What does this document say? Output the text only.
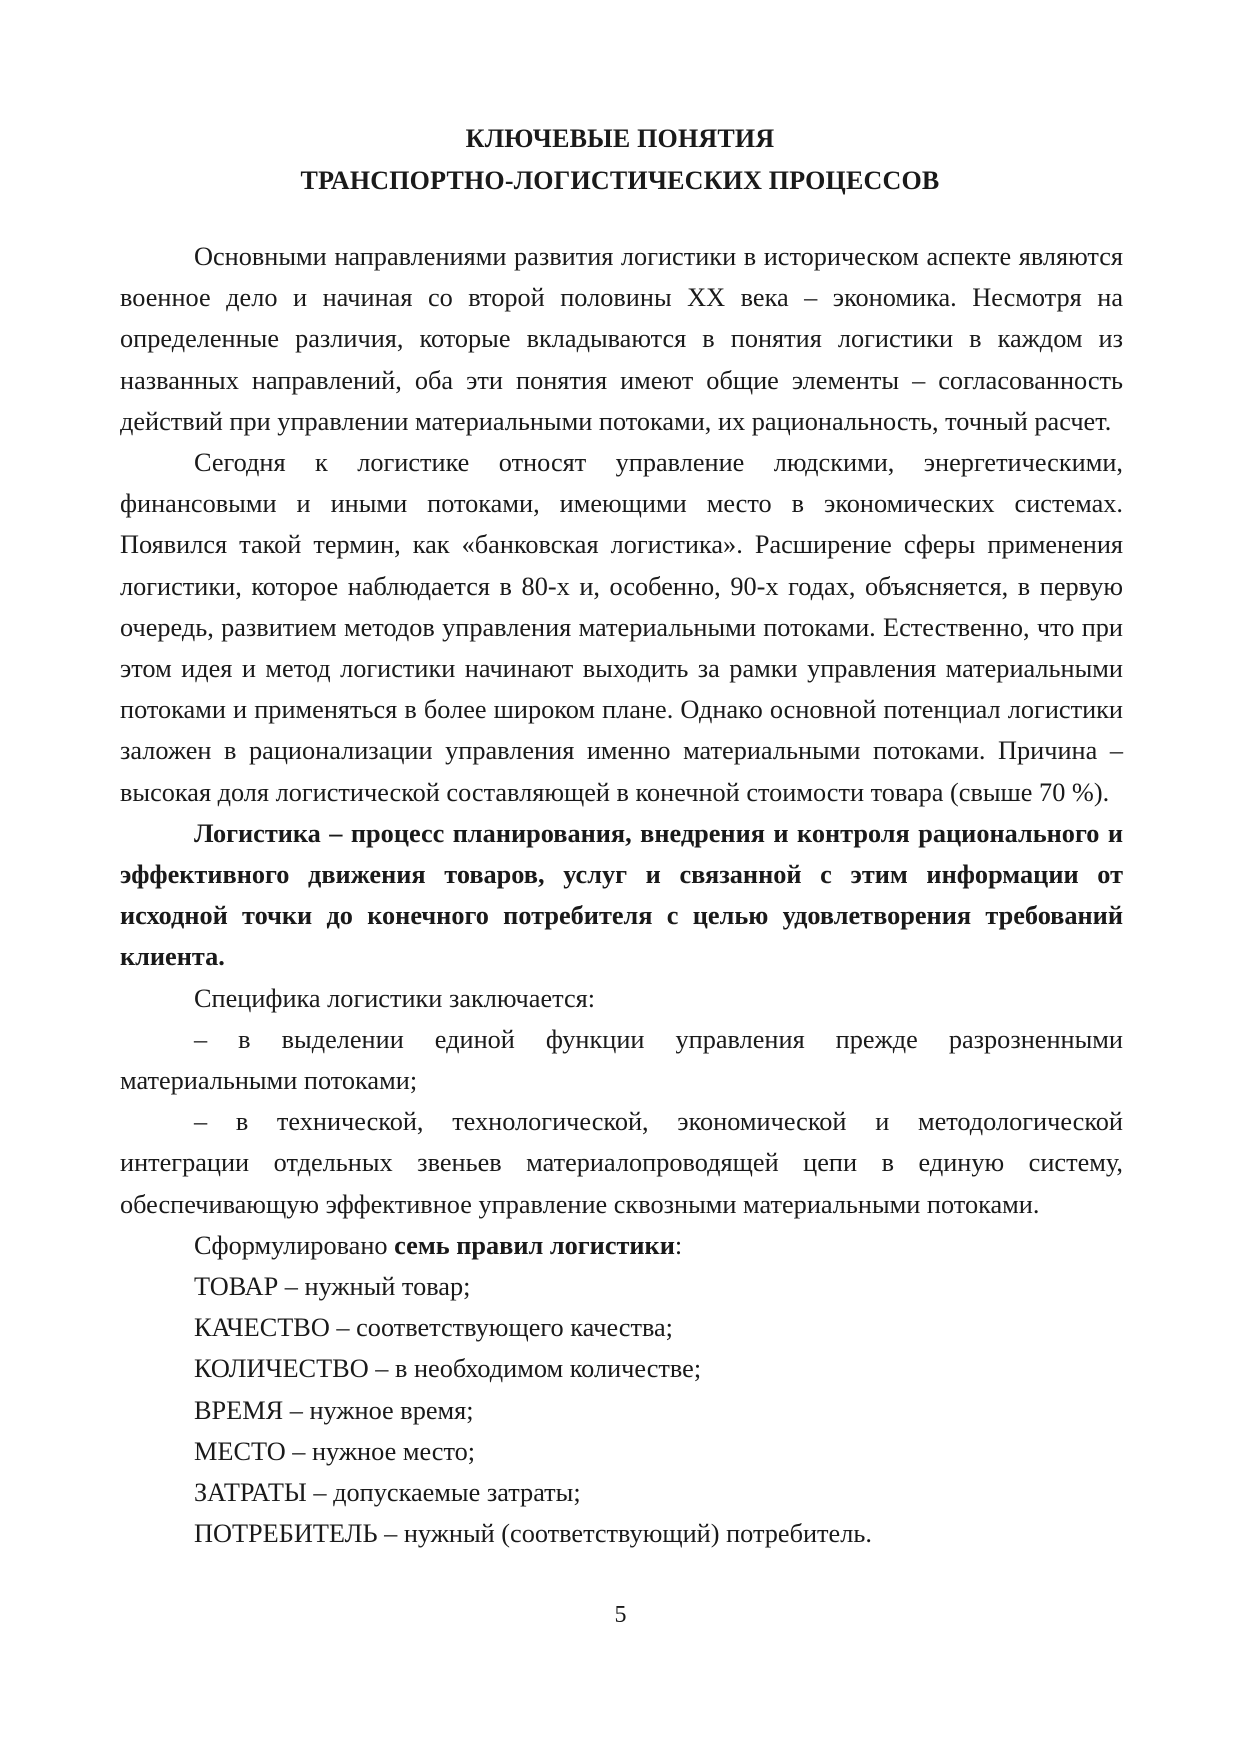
КЛЮЧЕВЫЕ ПОНЯТИЯ
ТРАНСПОРТНО-ЛОГИСТИЧЕСКИХ ПРОЦЕССОВ

Основными направлениями развития логистики в историческом аспекте являются военное дело и начиная со второй половины XX века – экономика. Несмотря на определенные различия, которые вкладываются в понятия логистики в каждом из названных направлений, оба эти понятия имеют общие элементы – согласованность действий при управлении материальными потоками, их рациональность, точный расчет.

Сегодня к логистике относят управление людскими, энергетическими, финансовыми и иными потоками, имеющими место в экономических системах. Появился такой термин, как «банковская логистика». Расширение сферы применения логистики, которое наблюдается в 80-х и, особенно, 90-х годах, объясняется, в первую очередь, развитием методов управления материальными потоками. Естественно, что при этом идея и метод логистики начинают выходить за рамки управления материальными потоками и применяться в более широком плане. Однако основной потенциал логистики заложен в рационализации управления именно материальными потоками. Причина – высокая доля логистической составляющей в конечной стоимости товара (свыше 70 %).

Логистика – процесс планирования, внедрения и контроля рационального и эффективного движения товаров, услуг и связанной с этим информации от исходной точки до конечного потребителя с целью удовлетворения требований клиента.

Специфика логистики заключается:

– в выделении единой функции управления прежде разрозненными материальными потоками;

– в технической, технологической, экономической и методологической интеграции отдельных звеньев материалопроводящей цепи в единую систему, обеспечивающую эффективное управление сквозными материальными потоками.

Сформулировано семь правил логистики:

ТОВАР – нужный товар;

КАЧЕСТВО – соответствующего качества;

КОЛИЧЕСТВО – в необходимом количестве;

ВРЕМЯ – нужное время;

МЕСТО – нужное место;

ЗАТРАТЫ – допускаемые затраты;

ПОТРЕБИТЕЛЬ – нужный (соответствующий) потребитель.

5
